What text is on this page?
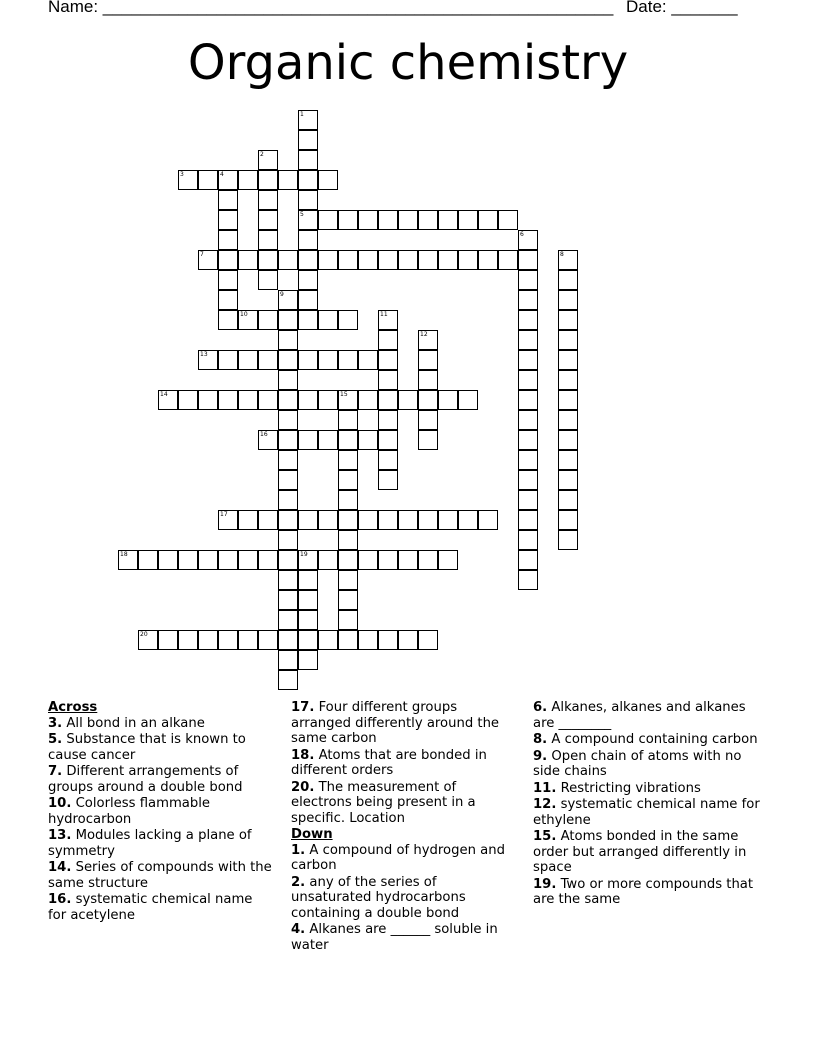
Name: ______________________________________________________ Date: _______
Organic chemistry
1
5
2
3	4
6
7	8
9
10	11
12
13
14	15
16
17
18	19
20
Across
3. All bond in an alkane
5. Substance that is known to cause cancer
7. Different arrangements of groups around a double bond
10. Colorless flammable hydrocarbon
13. Modules lacking a plane of symmetry
14. Series of compounds with the same structure
16. systematic chemical name for acetylene
17. Four different groups arranged differently around the same carbon
18. Atoms that are bonded in different orders
20. The measurement of electrons being present in a specific. Location
Down
1. A compound of hydrogen and carbon
2. any of the series of unsaturated hydrocarbons containing a double bond
4. Alkanes are ______ soluble in water
6. Alkanes, alkanes and alkanes are ________
8. A compound containing carbon
9. Open chain of atoms with no side chains
11. Restricting vibrations
12. systematic chemical name for ethylene
15. Atoms bonded in the same order but arranged differently in space
19. Two or more compounds that are the same
